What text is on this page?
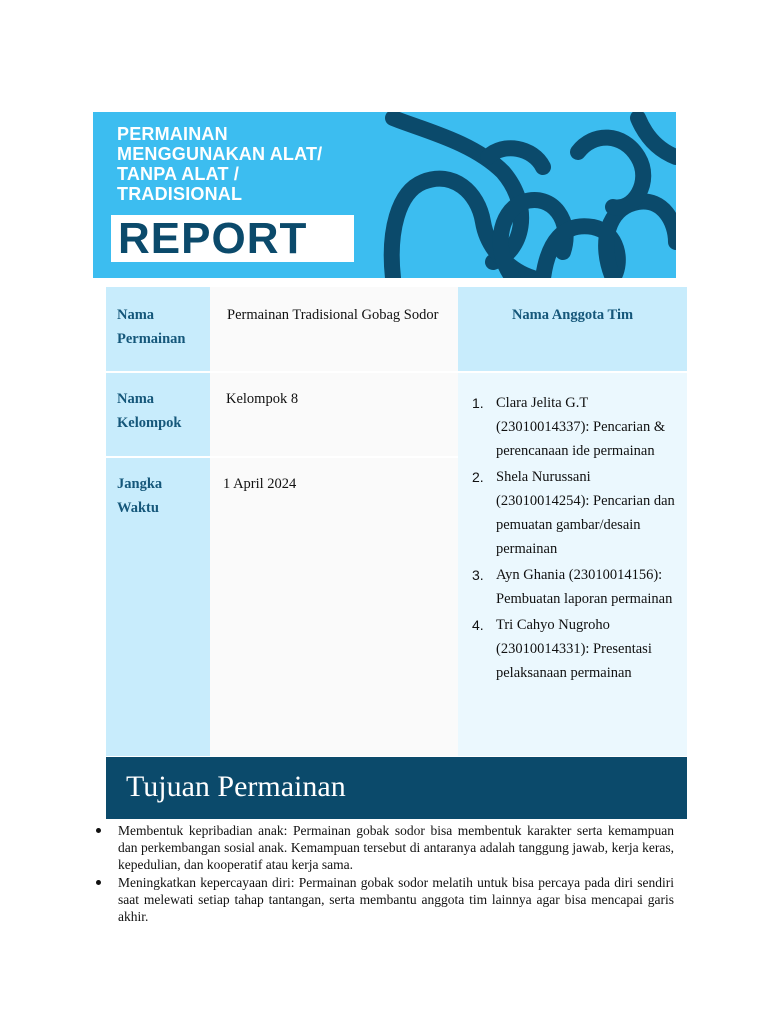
PERMAINAN
MENGGUNAKAN ALAT/
TANPA ALAT /
TRADISIONAL
REPORT
Nama Permainan
Permainan Tradisional Gobag Sodor	Nama Anggota Tim
Nama Kelompok
Kelompok 8
Jangka Waktu
1 April 2024
1. Clara Jelita G.T (23010014337): Pencarian & perencanaan ide permainan
2. Shela Nurussani (23010014254): Pencarian dan pemuatan gambar/desain permainan
3. Ayn Ghania (23010014156): Pembuatan laporan permainan
4. Tri Cahyo Nugroho (23010014331): Presentasi pelaksanaan permainan
Tujuan Permainan
Membentuk kepribadian anak: Permainan gobak sodor bisa membentuk karakter serta kemampuan dan perkembangan sosial anak. Kemampuan tersebut di antaranya adalah tanggung jawab, kerja keras, kepedulian, dan kooperatif atau kerja sama.
Meningkatkan kepercayaan diri: Permainan gobak sodor melatih untuk bisa percaya pada diri sendiri saat melewati setiap tahap tantangan, serta membantu anggota tim lainnya agar bisa mencapai garis akhir.
